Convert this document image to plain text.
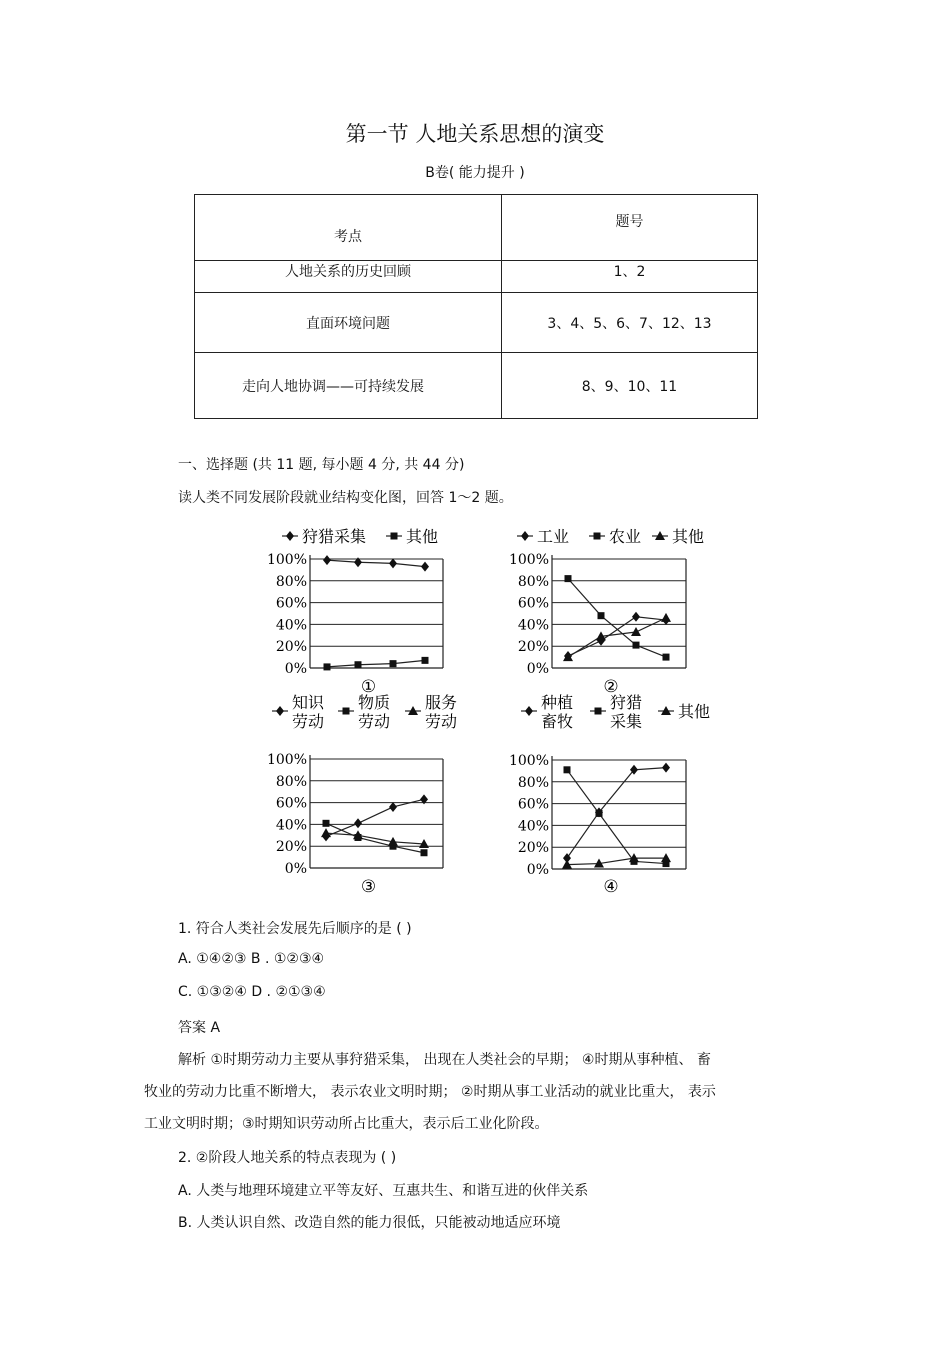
第一节 人地关系思想的演变
B卷( 能力提升 )
考点	题号
人地关系的历史回顾	1、2
直面环境问题	3、4、5、6、7、12、13
走向人地协调——可持续发展	8、9、10、11
一、选择题 (共 11 题, 每小题 4 分, 共 44 分)
读人类不同发展阶段就业结构变化图，回答 1～2 题。
100%
80%
60%
40%
20%
0%
狩猎采集 其他
①
100%
80%
60%
40%
20%
0%
工业 农业 其他
②
100%
80%
60%
40%
20%
0%
知识
劳动
物质
劳动
服务
劳动
③
100%
80%
60%
40%
20%
0%
种植
畜牧
狩猎
采集
其他
④
1. 符合人类社会发展先后顺序的是 ( )
A. ①④②③ B . ①②③④
C. ①③②④ D . ②①③④
答案 A
解析 ①时期劳动力主要从事狩猎采集， 出现在人类社会的早期； ④时期从事种植、 畜
牧业的劳动力比重不断增大， 表示农业文明时期； ②时期从事工业活动的就业比重大， 表示
工业文明时期；③时期知识劳动所占比重大，表示后工业化阶段。
2. ②阶段人地关系的特点表现为 ( )
A. 人类与地理环境建立平等友好、互惠共生、和谐互进的伙伴关系
B. 人类认识自然、改造自然的能力很低，只能被动地适应环境
